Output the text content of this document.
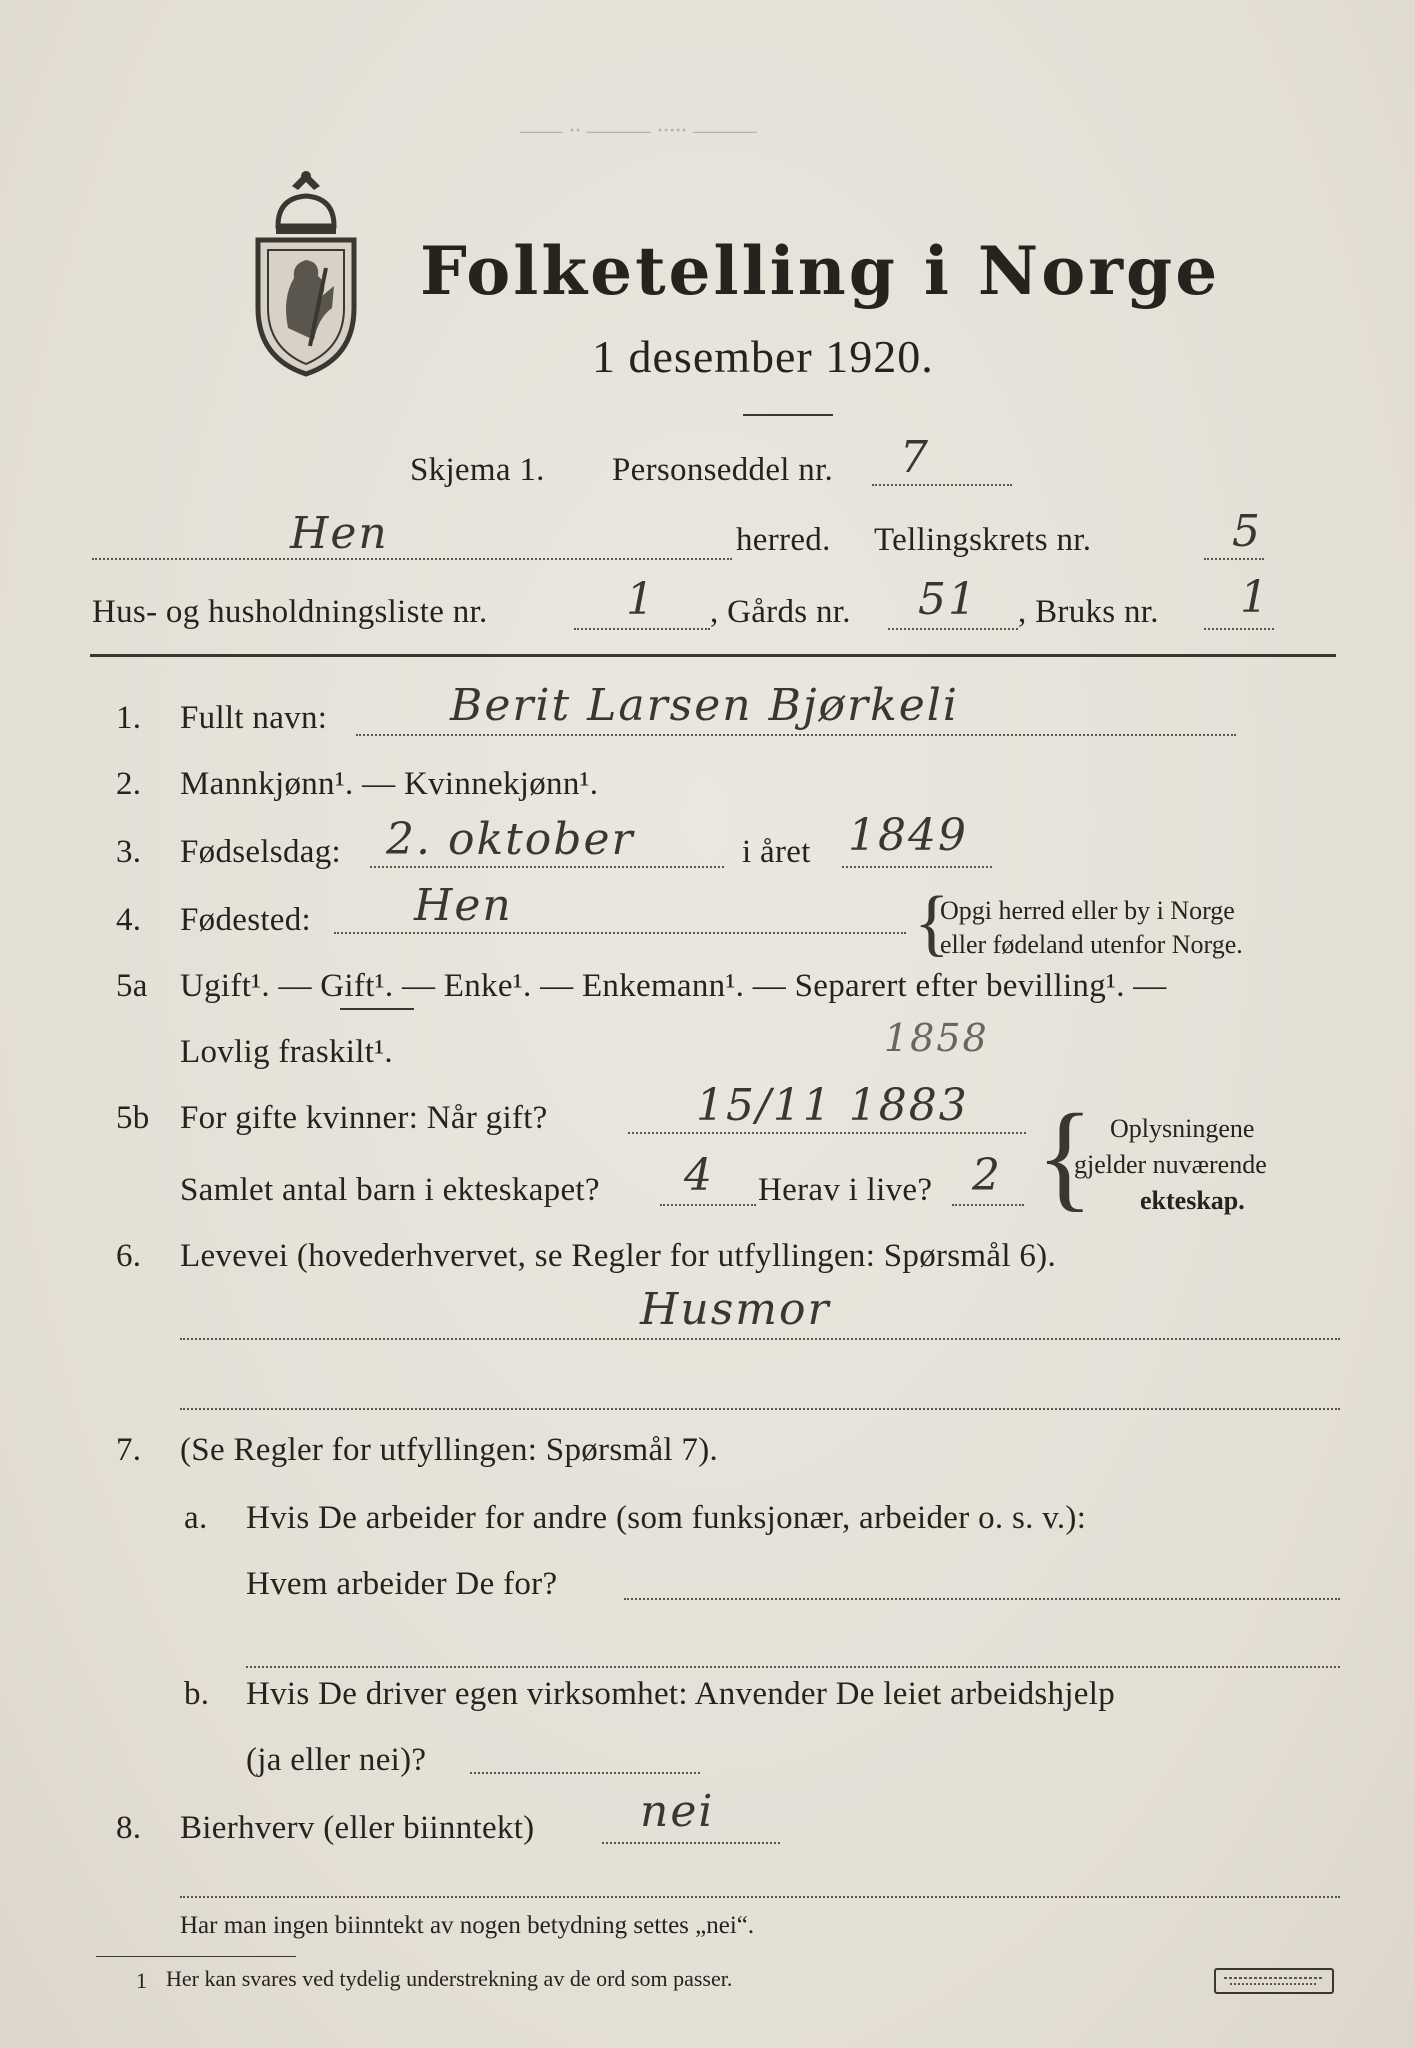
—— ·· ——— ····· ———
Folketelling i Norge
1 desember 1920.
Skjema 1. Personseddel nr. 7
Hen	herred. Tellingskrets nr.	5
Hus- og husholdningsliste nr.	1 , Gårds nr. 51 , Bruks nr. 1
1. Fullt navn:	Berit Larsen Bjørkeli
2. Mannkjønn¹. — Kvinnekjønn¹.
3. Fødselsdag: 2. oktober	i året 1849
4. Fødested: Hen	{
Opgi herred eller by i Norge
eller fødeland utenfor Norge.
5a Ugift¹. — Gift¹. — Enke¹. — Enkemann¹. — Separert efter bevilling¹. —
Lovlig fraskilt¹.	1858
5b For gifte kvinner: Når gift?	15/11 1883
Samlet antal barn i ekteskapet? 4 Herav i live? 2 { Oplysningene
gjelder nuværende
ekteskap.
6. Levevei (hovederhvervet, se Regler for utfyllingen: Spørsmål 6).
Husmor
7. (Se Regler for utfyllingen: Spørsmål 7).
a. Hvis De arbeider for andre (som funksjonær, arbeider o. s. v.):
Hvem arbeider De for?
b. Hvis De driver egen virksomhet: Anvender De leiet arbeidshjelp
(ja eller nei)?
8. Bierhverv (eller biinntekt) nei
Har man ingen biinntekt av nogen betydning settes „nei“.
1 Her kan svares ved tydelig understrekning av de ord som passer.
